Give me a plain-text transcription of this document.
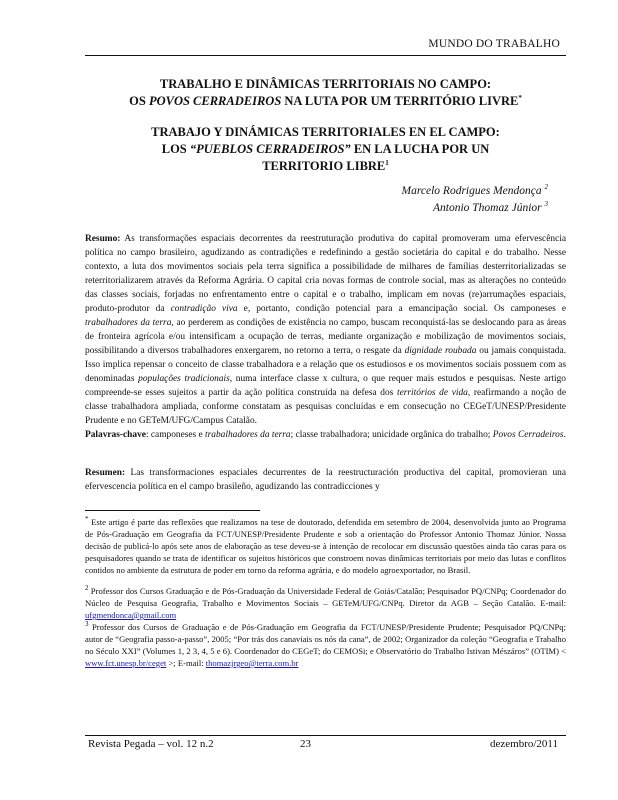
MUNDO DO TRABALHO
TRABALHO E DINÂMICAS TERRITORIAIS NO CAMPO:
OS POVOS CERRADEIROS NA LUTA POR UM TERRITÓRIO LIVRE*
TRABAJO Y DINÁMICAS TERRITORIALES EN EL CAMPO:
LOS “PUEBLOS CERRADEIROS” EN LA LUCHA POR UN
TERRITORIO LIBRE$^1$
Marcelo Rodrigues Mendonça $^2$
Antonio Thomaz Júnior $^3$
Resumo: As transformações espaciais decorrentes da reestruturação produtiva do capital promoveram uma efervescência política no campo brasileiro, agudizando as contradições e redefinindo a gestão societária do capital e do trabalho. Nesse contexto, a luta dos movimentos sociais pela terra significa a possibilidade de milhares de famílias desterritorializadas se reterritorializarem através da Reforma Agrária. O capital cria novas formas de controle social, mas as alterações no conteúdo das classes sociais, forjadas no enfrentamento entre o capital e o trabalho, implicam em novas (re)arrumações espaciais, produto-produtor da contradição viva e, portanto, condição potencial para a emancipação social. Os camponeses e trabalhadores da terra, ao perderem as condições de existência no campo, buscam reconquistá-las se deslocando para as áreas de fronteira agrícola e/ou intensificam a ocupação de terras, mediante organização e mobilização de movimentos sociais, possibilitando a diversos trabalhadores enxergarem, no retorno a terra, o resgate da dignidade roubada ou jamais conquistada. Isso implica repensar o conceito de classe trabalhadora e a relação que os estudiosos e os movimentos sociais possuem com as denominadas populações tradicionais, numa interface classe x cultura, o que requer mais estudos e pesquisas. Neste artigo compreende-se esses sujeitos a partir da ação política construída na defesa dos territórios de vida, reafirmando a noção de classe trabalhadora ampliada, conforme constatam as pesquisas concluídas e em consecução no CEGeT/UNESP/Presidente Prudente e no GETeM/UFG/Campus Catalão.
Palavras-chave: camponeses e trabalhadores da terra; classe trabalhadora; unicidade orgânica do trabalho; Povos Cerradeiros.
Resumen: Las transformaciones espaciales decurrentes de la reestructuración productiva del capital, promovieran una efervescencia política en el campo brasileño, agudizando las contradicciones y
* Este artigo é parte das reflexões que realizamos na tese de doutorado, defendida em setembro de 2004, desenvolvida junto ao Programa de Pós-Graduação em Geografia da FCT/UNESP/Presidente Prudente e sob a orientação do Professor Antonio Thomaz Júnior. Nossa decisão de publicá-lo após sete anos de elaboração as tese deveu-se à intenção de recolocar em discussão questões ainda tão caras para os pesquisadores quando se trata de identificar os sujeitos históricos que constroem novas dinâmicas territoriais por meio das lutas e conflitos contidos no ambiente da estrutura de poder em torno da reforma agrária, e do modelo agroexportador, no Brasil.
$^2$ Professor dos Cursos Graduação e de Pós-Graduação da Universidade Federal de Goiás/Catalão; Pesquisador PQ/CNPq; Coordenador do Núcleo de Pesquisa Geografia, Trabalho e Movimentos Sociais – GETeM/UFG/CNPq. Diretor da AGB – Seção Catalão. E-mail: ufgmendonca@gmail.com
$^3$ Professor dos Cursos de Graduação e de Pós-Graduação em Geografia da FCT/UNESP/Presidente Prudente; Pesquisador PQ/CNPq; autor de “Geografia passo-a-passo”, 2005; “Por trás dos canaviais os nós da cana”, de 2002; Organizador da coleção “Geografia e Trabalho no Século XXI” (Volumes 1, 2 3, 4, 5 e 6). Coordenador do CEGeT; do CEMOSi; e Observatório do Trabalho Istivan Mészáros” (OTIM) < www.fct.unesp.br/ceget >; E-mail: thomazjrgeo@terra.com.br
Revista Pegada – vol. 12 n.2	23	dezembro/2011
